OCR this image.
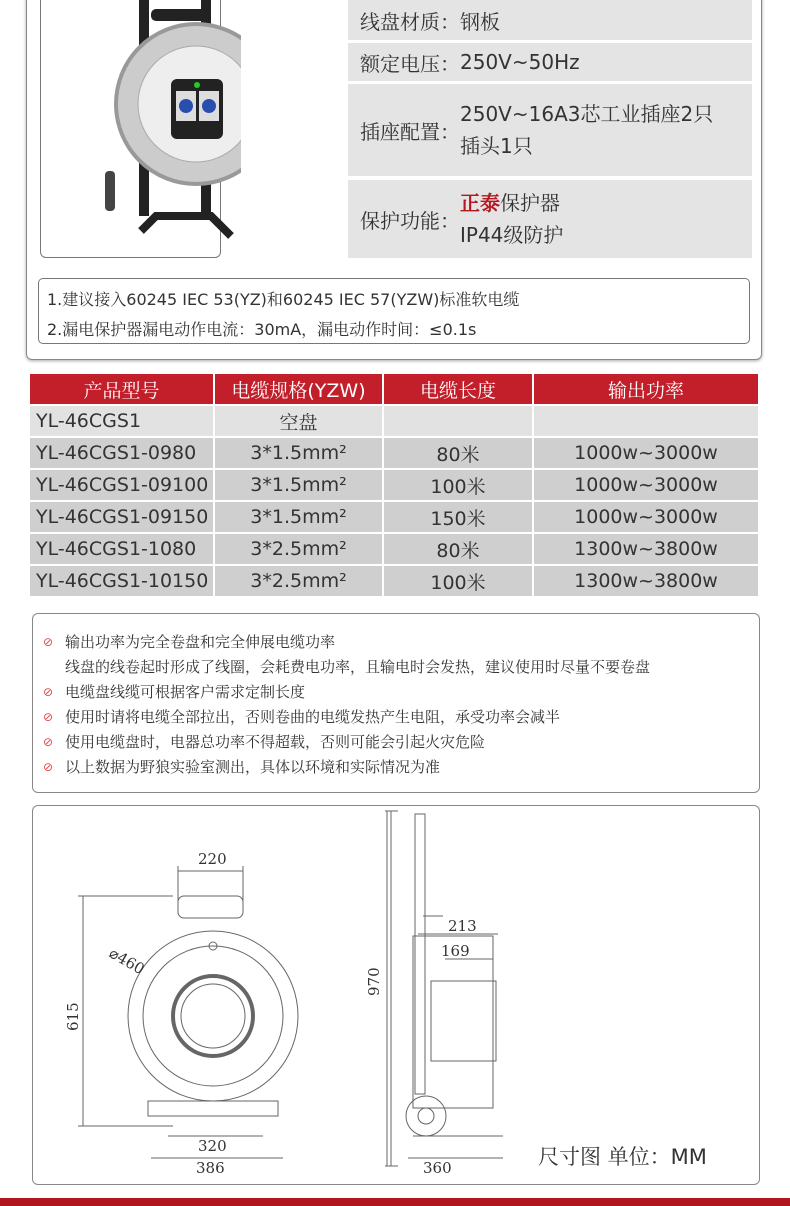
线盘材质： 钢板
额定电压： 250V~50Hz
插座配置：
250V~16A3芯工业插座2只
插头1只
保护功能：
正泰保护器
IP44级防护
1.建议接入60245 IEC 53(YZ)和60245 IEC 57(YZW)标准软电缆
2.漏电保护器漏电动作电流：30mA，漏电动作时间：≤0.1s
产品型号	电缆规格(YZW)	电缆长度	输出功率
YL-46CGS1	空盘		
YL-46CGS1-0980	3*1.5mm²	80米	1000w~3000w
YL-46CGS1-09100	3*1.5mm²	100米	1000w~3000w
YL-46CGS1-09150	3*1.5mm²	150米	1000w~3000w
YL-46CGS1-1080	3*2.5mm²	80米	1300w~3800w
YL-46CGS1-10150	3*2.5mm²	100米	1300w~3800w
⊘ 输出功率为完全卷盘和完全伸展电缆功率
线盘的线卷起时形成了线圈，会耗费电功率，且输电时会发热，建议使用时尽量不要卷盘
⊘ 电缆盘线缆可根据客户需求定制长度
⊘ 使用时请将电缆全部拉出，否则卷曲的电缆发热产生电阻，承受功率会减半
⊘ 使用电缆盘时，电器总功率不得超载，否则可能会引起火灾危险
⊘ 以上数据为野狼实验室测出，具体以环境和实际情况为准
220
⌀460
615
320
386
970
213
169
360	尺寸图 单位：MM
